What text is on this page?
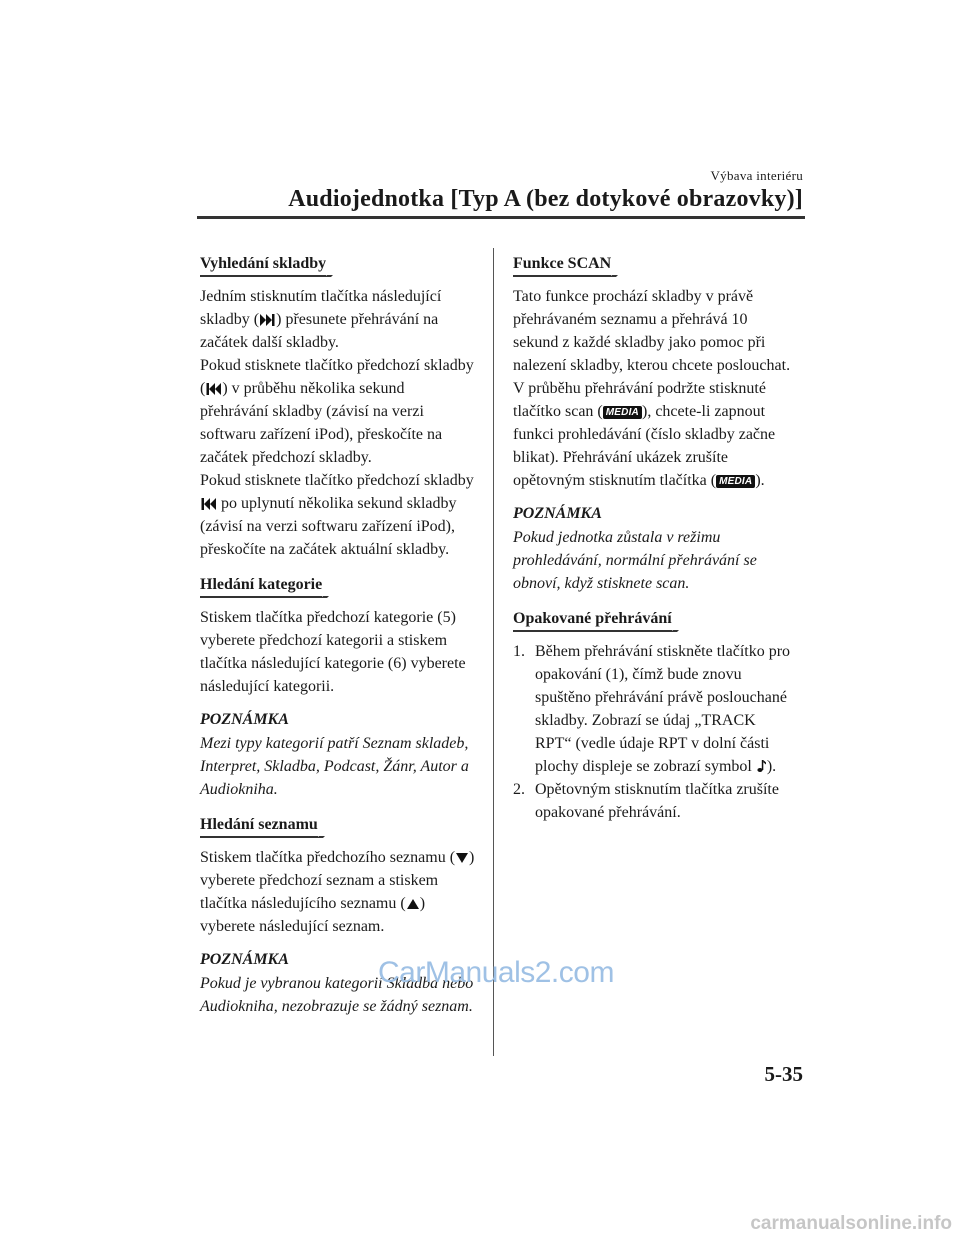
Výbava interiéru
Audiojednotka [Typ A (bez dotykové obrazovky)]
Vyhledání skladby

Jedním stisknutím tlačítka následující skladby ( ) přesunete přehrávání na začátek další skladby.

Pokud stisknete tlačítko předchozí skladby ( ) v průběhu několika sekund přehrávání skladby (závisí na verzi softwaru zařízení iPod), přeskočíte na začátek předchozí skladby.

Pokud stisknete tlačítko předchozí skladby  po uplynutí několika sekund skladby (závisí na verzi softwaru zařízení iPod), přeskočíte na začátek aktuální skladby.

Hledání kategorie

Stiskem tlačítka předchozí kategorie (5) vyberete předchozí kategorii a stiskem tlačítka následující kategorie (6) vyberete následující kategorii.

POZNÁMKA

Mezi typy kategorií patří Seznam skladeb, Interpret, Skladba, Podcast, Žánr, Autor a Audiokniha.

Hledání seznamu

Stiskem tlačítka předchozího seznamu ( ) vyberete předchozí seznam a stiskem tlačítka následujícího seznamu ( ) vyberete následující seznam.

POZNÁMKA

Pokud je vybranou kategorií Skladba nebo Audiokniha, nezobrazuje se žádný seznam.

Funkce SCAN

Tato funkce prochází skladby v právě přehrávaném seznamu a přehrává 10 sekund z každé skladby jako pomoc při nalezení skladby, kterou chcete poslouchat. V průběhu přehrávání podržte stisknuté tlačítko scan ( MEDIA ), chcete-li zapnout funkci prohledávání (číslo skladby začne blikat). Přehrávání ukázek zrušíte opětovným stisknutím tlačítka ( MEDIA ).

POZNÁMKA

Pokud jednotka zůstala v režimu prohledávání, normální přehrávání se obnoví, když stisknete scan.

Opakované přehrávání
1. Během přehrávání stiskněte tlačítko pro opakování (1), čímž bude znovu spuštěno přehrávání právě poslouchané skladby. Zobrazí se údaj „TRACK RPT“ (vedle údaje RPT v dolní části plochy displeje se zobrazí symbol ).
2. Opětovným stisknutím tlačítka zrušíte opakované přehrávání.
CarManuals2.com
5-35
carmanualsonline.info
